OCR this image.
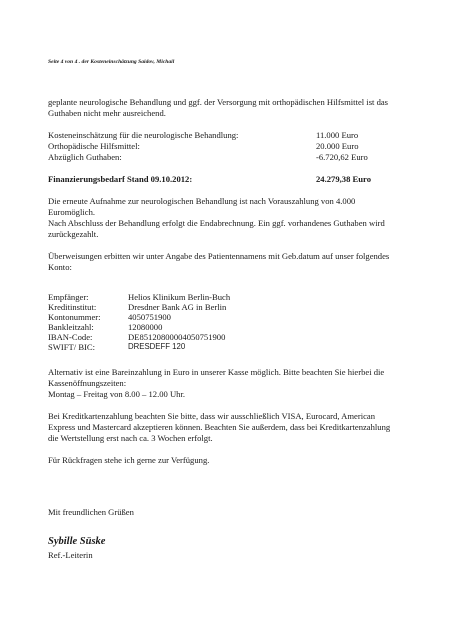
Seite 4 von 4 . der Kosteneinschätzung Saidov, Michail
geplante neurologische Behandlung und ggf. der Versorgung mit orthopädischen Hilfsmittel ist das
Guthaben nicht mehr ausreichend.
Kosteneinschätzung für die neurologische Behandlung:	11.000 Euro
Orthopädische Hilfsmittel:	20.000 Euro
Abzüglich Guthaben:	-6.720,62 Euro
Finanzierungsbedarf Stand 09.10.2012:	24.279,38 Euro
Die erneute Aufnahme zur neurologischen Behandlung ist nach Vorauszahlung von 4.000
Euromöglich.
Nach Abschluss der Behandlung erfolgt die Endabrechnung. Ein ggf. vorhandenes Guthaben wird
zurückgezahlt.
Überweisungen erbitten wir unter Angabe des Patientennamens mit Geb.datum auf unser folgendes
Konto:
Empfänger:	Helios Klinikum Berlin-Buch
Kreditinstitut:	Dresdner Bank AG in Berlin
Kontonummer:	4050751900
Bankleitzahl:	12080000
IBAN-Code:	DE85120800004050751900
SWIFT/ BIC:	DRESDEFF 120
Alternativ ist eine Bareinzahlung in Euro in unserer Kasse möglich. Bitte beachten Sie hierbei die
Kassenöffnungszeiten:
Montag – Freitag von 8.00 – 12.00 Uhr.
Bei Kreditkartenzahlung beachten Sie bitte, dass wir ausschließlich VISA, Eurocard, American
Express und Mastercard akzeptieren können. Beachten Sie außerdem, dass bei Kreditkartenzahlung
die Wertstellung erst nach ca. 3 Wochen erfolgt.
Für Rückfragen stehe ich gerne zur Verfügung.
Mit freundlichen Grüßen
Sybille Süske
Ref.-Leiterin
